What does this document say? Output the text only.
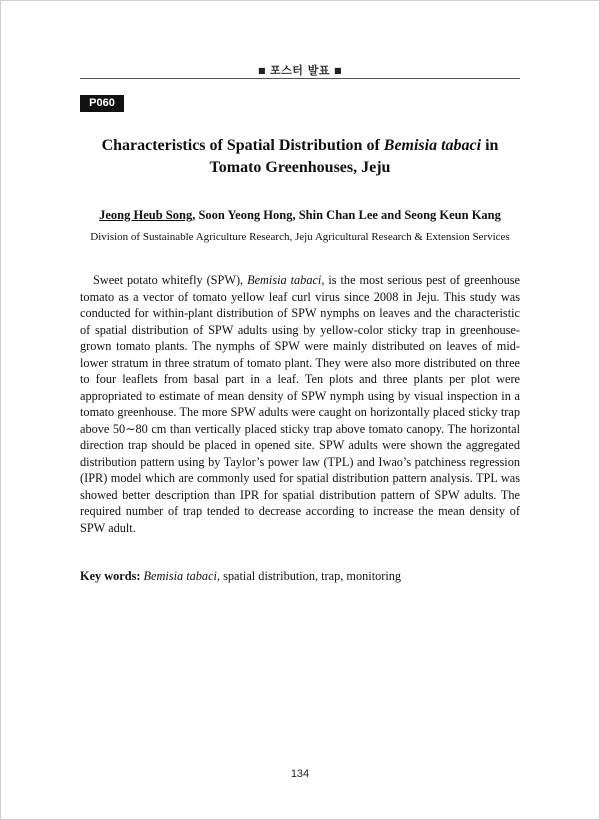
■ 포스터 발표 ■
P060
Characteristics of Spatial Distribution of Bemisia tabaci in Tomato Greenhouses, Jeju
Jeong Heub Song, Soon Yeong Hong, Shin Chan Lee and Seong Keun Kang
Division of Sustainable Agriculture Research, Jeju Agricultural Research & Extension Services

Sweet potato whitefly (SPW), Bemisia tabaci, is the most serious pest of greenhouse tomato as a vector of tomato yellow leaf curl virus since 2008 in Jeju. This study was conducted for within-plant distribution of SPW nymphs on leaves and the characteristic of spatial distribution of SPW adults using by yellow-color sticky trap in greenhouse-grown tomato plants. The nymphs of SPW were mainly distributed on leaves of mid-lower stratum in three stratum of tomato plant. They were also more distributed on three to four leaflets from basal part in a leaf. Ten plots and three plants per plot were appropriated to estimate of mean density of SPW nymph using by visual inspection in a tomato greenhouse. The more SPW adults were caught on horizontally placed sticky trap above 50∼80 cm than vertically placed sticky trap above tomato canopy. The horizontal direction trap should be placed in opened site. SPW adults were shown the aggregated distribution pattern using by Taylor’s power law (TPL) and Iwao’s patchiness regression (IPR) model which are commonly used for spatial distribution pattern analysis. TPL was showed better description than IPR for spatial distribution pattern of SPW adults. The required number of trap tended to decrease according to increase the mean density of SPW adult.

Key words: Bemisia tabaci, spatial distribution, trap, monitoring

134
